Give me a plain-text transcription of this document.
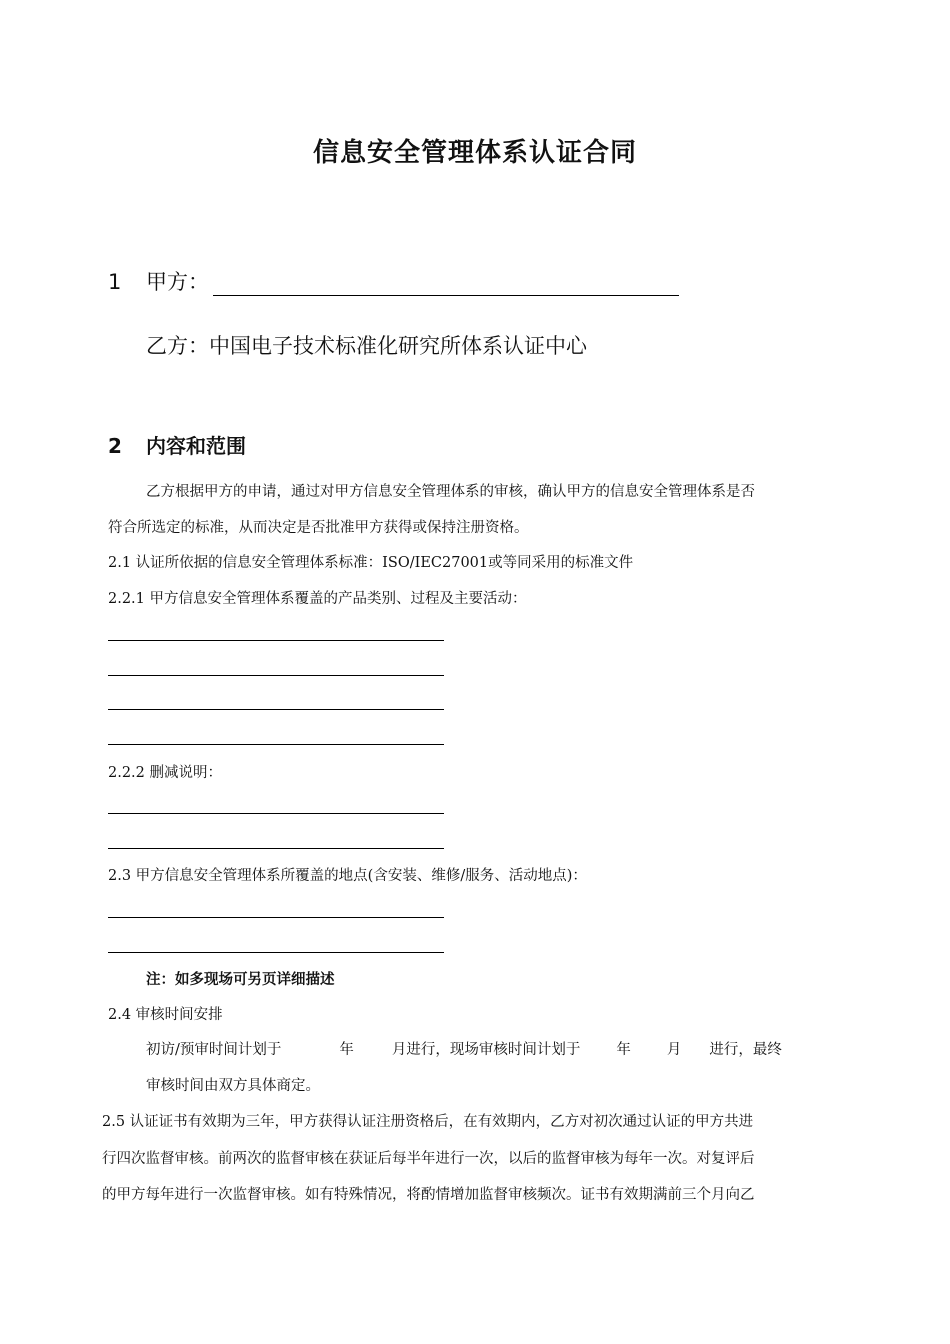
信息安全管理体系认证合同
1 甲方：
乙方：中国电子技术标准化研究所体系认证中心
2 内容和范围
乙方根据甲方的申请，通过对甲方信息安全管理体系的审核，确认甲方的信息安全管理体系是否
符合所选定的标准，从而决定是否批准甲方获得或保持注册资格。
2.1 认证所依据的信息安全管理体系标准：ISO/IEC27001或等同采用的标准文件
2.2.1 甲方信息安全管理体系覆盖的产品类别、过程及主要活动：
2.2.2 删减说明：
2.3 甲方信息安全管理体系所覆盖的地点(含安装、维修/服务、活动地点)：
注：如多现场可另页详细描述
2.4 审核时间安排
初访/预审时间计划于	年	月进行，现场审核时间计划于 年 月 进行，最终
审核时间由双方具体商定。
2.5 认证证书有效期为三年，甲方获得认证注册资格后，在有效期内，乙方对初次通过认证的甲方共进
行四次监督审核。前两次的监督审核在获证后每半年进行一次，以后的监督审核为每年一次。对复评后
的甲方每年进行一次监督审核。如有特殊情况，将酌情增加监督审核频次。证书有效期满前三个月向乙
